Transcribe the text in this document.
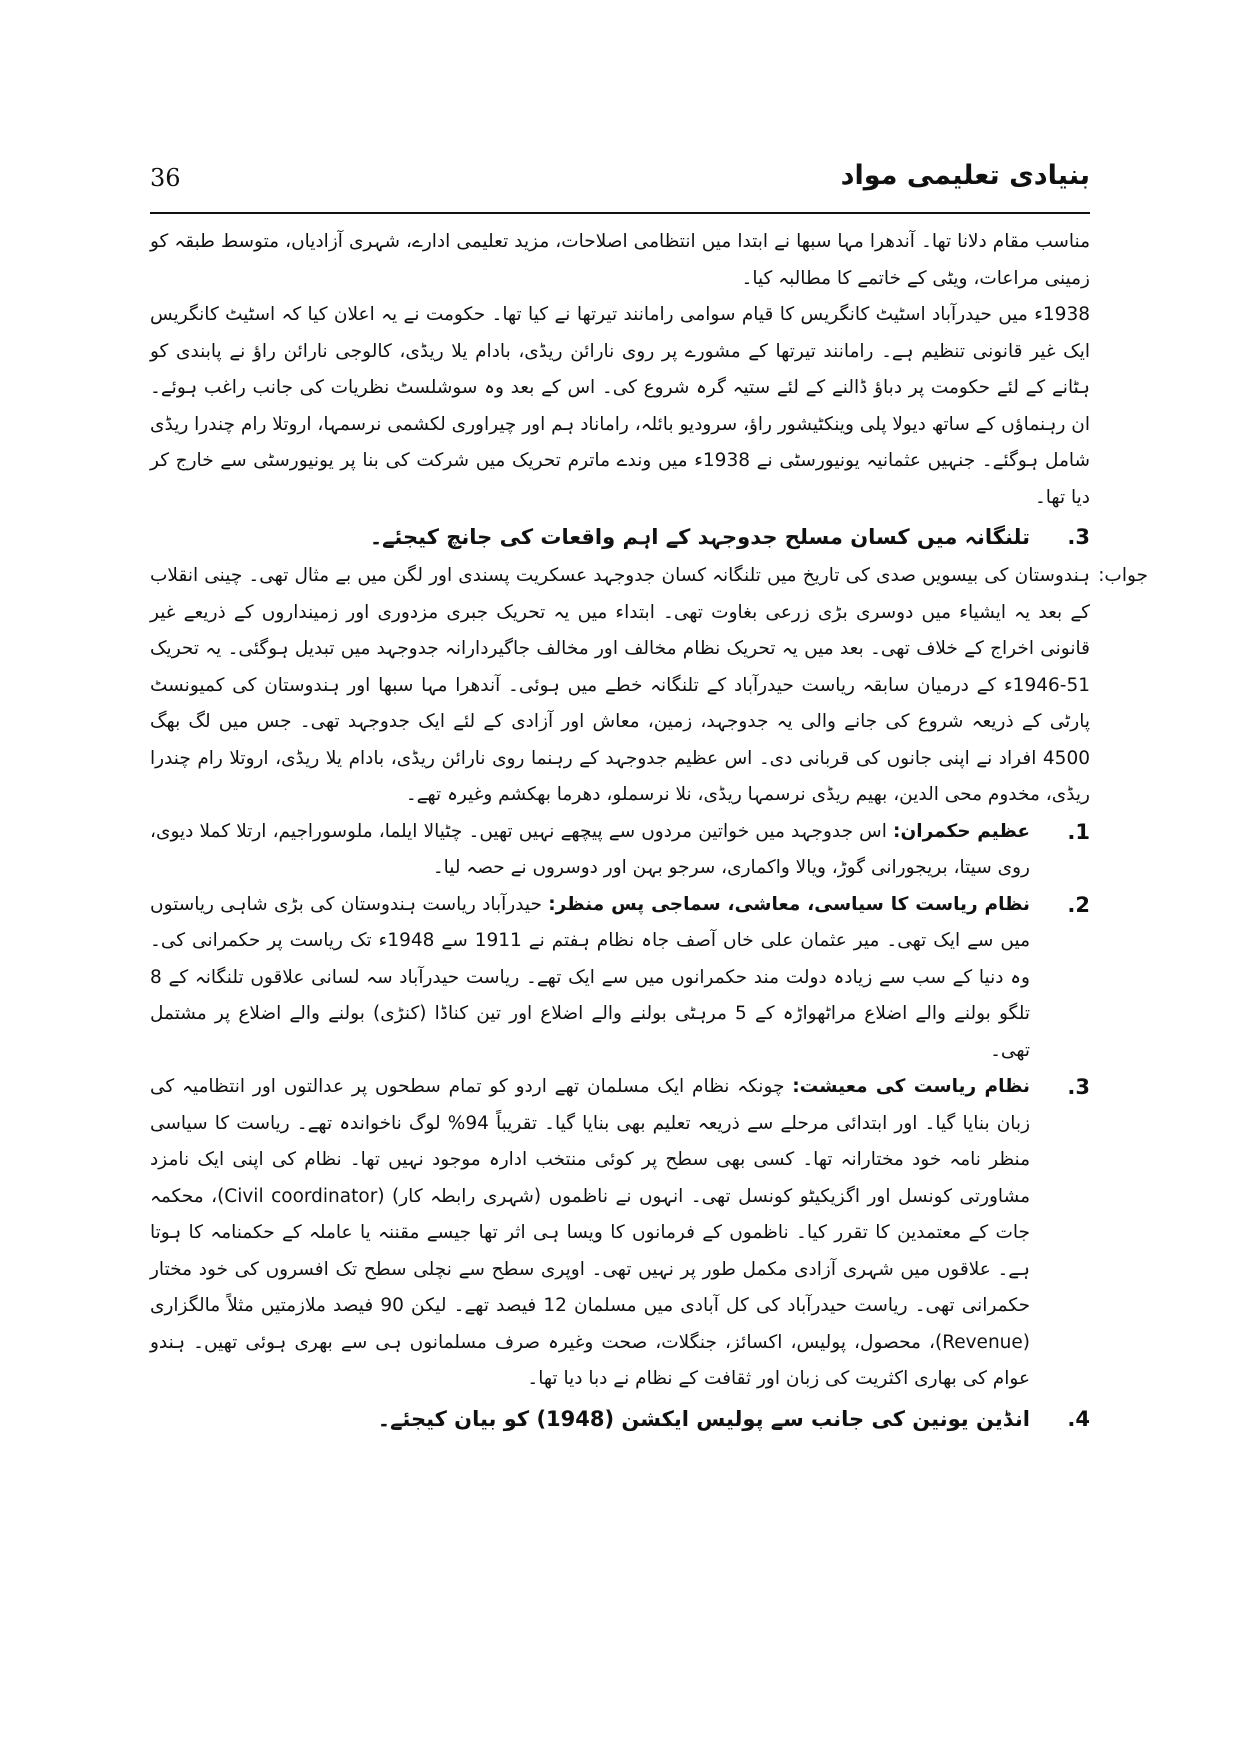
36	بنیادی تعلیمی مواد

مناسب مقام دلانا تھا۔ آندھرا مہا سبھا نے ابتدا میں انتظامی اصلاحات، مزید تعلیمی ادارے، شہری آزادیاں، متوسط طبقہ کو زمینی مراعات، ویٹی کے خاتمے کا مطالبہ کیا۔

1938ء میں حیدرآباد اسٹیٹ کانگریس کا قیام سوامی رامانند تیرتھا نے کیا تھا۔ حکومت نے یہ اعلان کیا کہ اسٹیٹ کانگریس ایک غیر قانونی تنظیم ہے۔ رامانند تیرتھا کے مشورے پر روی نارائن ریڈی، بادام یلا ریڈی، کالوجی نارائن راؤ نے پابندی کو ہٹانے کے لئے حکومت پر دباؤ ڈالنے کے لئے ستیہ گرہ شروع کی۔ اس کے بعد وہ سوشلسٹ نظریات کی جانب راغب ہوئے۔ ان رہنماؤں کے ساتھ دیولا پلی وینکٹیشور راؤ، سرودیو بائلہ، راماناد ہم اور چیراوری لکشمی نرسمہا، اروتلا رام چندرا ریڈی شامل ہوگئے۔ جنہیں عثمانیہ یونیورسٹی نے 1938ء میں وندے ماترم تحریک میں شرکت کی بنا پر یونیورسٹی سے خارج کر دیا تھا۔

3.
تلنگانہ میں کسان مسلح جدوجہد کے اہم واقعات کی جانچ کیجئے۔
جواب:

ہندوستان کی بیسویں صدی کی تاریخ میں تلنگانہ کسان جدوجہد عسکریت پسندی اور لگن میں بے مثال تھی۔ چینی انقلاب کے بعد یہ ایشیاء میں دوسری بڑی زرعی بغاوت تھی۔ ابتداء میں یہ تحریک جبری مزدوری اور زمینداروں کے ذریعے غیر قانونی اخراج کے خلاف تھی۔ بعد میں یہ تحریک نظام مخالف اور مخالف جاگیردارانہ جدوجہد میں تبدیل ہوگئی۔ یہ تحریک 51-1946ء کے درمیان سابقہ ریاست حیدرآباد کے تلنگانہ خطے میں ہوئی۔ آندھرا مہا سبھا اور ہندوستان کی کمیونسٹ پارٹی کے ذریعہ شروع کی جانے والی یہ جدوجہد، زمین، معاش اور آزادی کے لئے ایک جدوجہد تھی۔ جس میں لگ بھگ 4500 افراد نے اپنی جانوں کی قربانی دی۔ اس عظیم جدوجہد کے رہنما روی نارائن ریڈی، بادام یلا ریڈی، اروتلا رام چندرا ریڈی، مخدوم محی الدین، بھیم ریڈی نرسمہا ریڈی، نلا نرسملو، دھرما بھکشم وغیرہ تھے۔

1.

عظیم حکمران: اس جدوجہد میں خواتین مردوں سے پیچھے نہیں تھیں۔ چٹیالا ایلما، ملوسوراجیم، ارتلا کملا دیوی، روی سیتا، بریجورانی گوڑ، ویالا واکماری، سرجو بہن اور دوسروں نے حصہ لیا۔

2.

نظام ریاست کا سیاسی، معاشی، سماجی پس منظر: حیدرآباد ریاست ہندوستان کی بڑی شاہی ریاستوں میں سے ایک تھی۔ میر عثمان علی خاں آصف جاہ نظام ہفتم نے 1911 سے 1948ء تک ریاست پر حکمرانی کی۔ وہ دنیا کے سب سے زیادہ دولت مند حکمرانوں میں سے ایک تھے۔ ریاست حیدرآباد سہ لسانی علاقوں تلنگانہ کے 8 تلگو بولنے والے اضلاع مراٹھواڑہ کے 5 مرہٹی بولنے والے اضلاع اور تین کناڈا (کنڑی) بولنے والے اضلاع پر مشتمل تھی۔

3.

نظام ریاست کی معیشت: چونکہ نظام ایک مسلمان تھے اردو کو تمام سطحوں پر عدالتوں اور انتظامیہ کی زبان بنایا گیا۔ اور ابتدائی مرحلے سے ذریعہ تعلیم بھی بنایا گیا۔ تقریباً 94% لوگ ناخواندہ تھے۔ ریاست کا سیاسی منظر نامہ خود مختارانہ تھا۔ کسی بھی سطح پر کوئی منتخب ادارہ موجود نہیں تھا۔ نظام کی اپنی ایک نامزد مشاورتی کونسل اور اگزیکیٹو کونسل تھی۔ انہوں نے ناظموں (شہری رابطہ کار) (Civil coordinator)، محکمہ جات کے معتمدین کا تقرر کیا۔ ناظموں کے فرمانوں کا ویسا ہی اثر تھا جیسے مقننہ یا عاملہ کے حکمنامہ کا ہوتا ہے۔ علاقوں میں شہری آزادی مکمل طور پر نہیں تھی۔ اوپری سطح سے نچلی سطح تک افسروں کی خود مختار حکمرانی تھی۔ ریاست حیدرآباد کی کل آبادی میں مسلمان 12 فیصد تھے۔ لیکن 90 فیصد ملازمتیں مثلاً مالگزاری (Revenue)، محصول، پولیس، اکسائز، جنگلات، صحت وغیرہ صرف مسلمانوں ہی سے بھری ہوئی تھیں۔ ہندو عوام کی بھاری اکثریت کی زبان اور ثقافت کے نظام نے دبا دیا تھا۔

4.
انڈین یونین کی جانب سے پولیس ایکشن (1948) کو بیان کیجئے۔
